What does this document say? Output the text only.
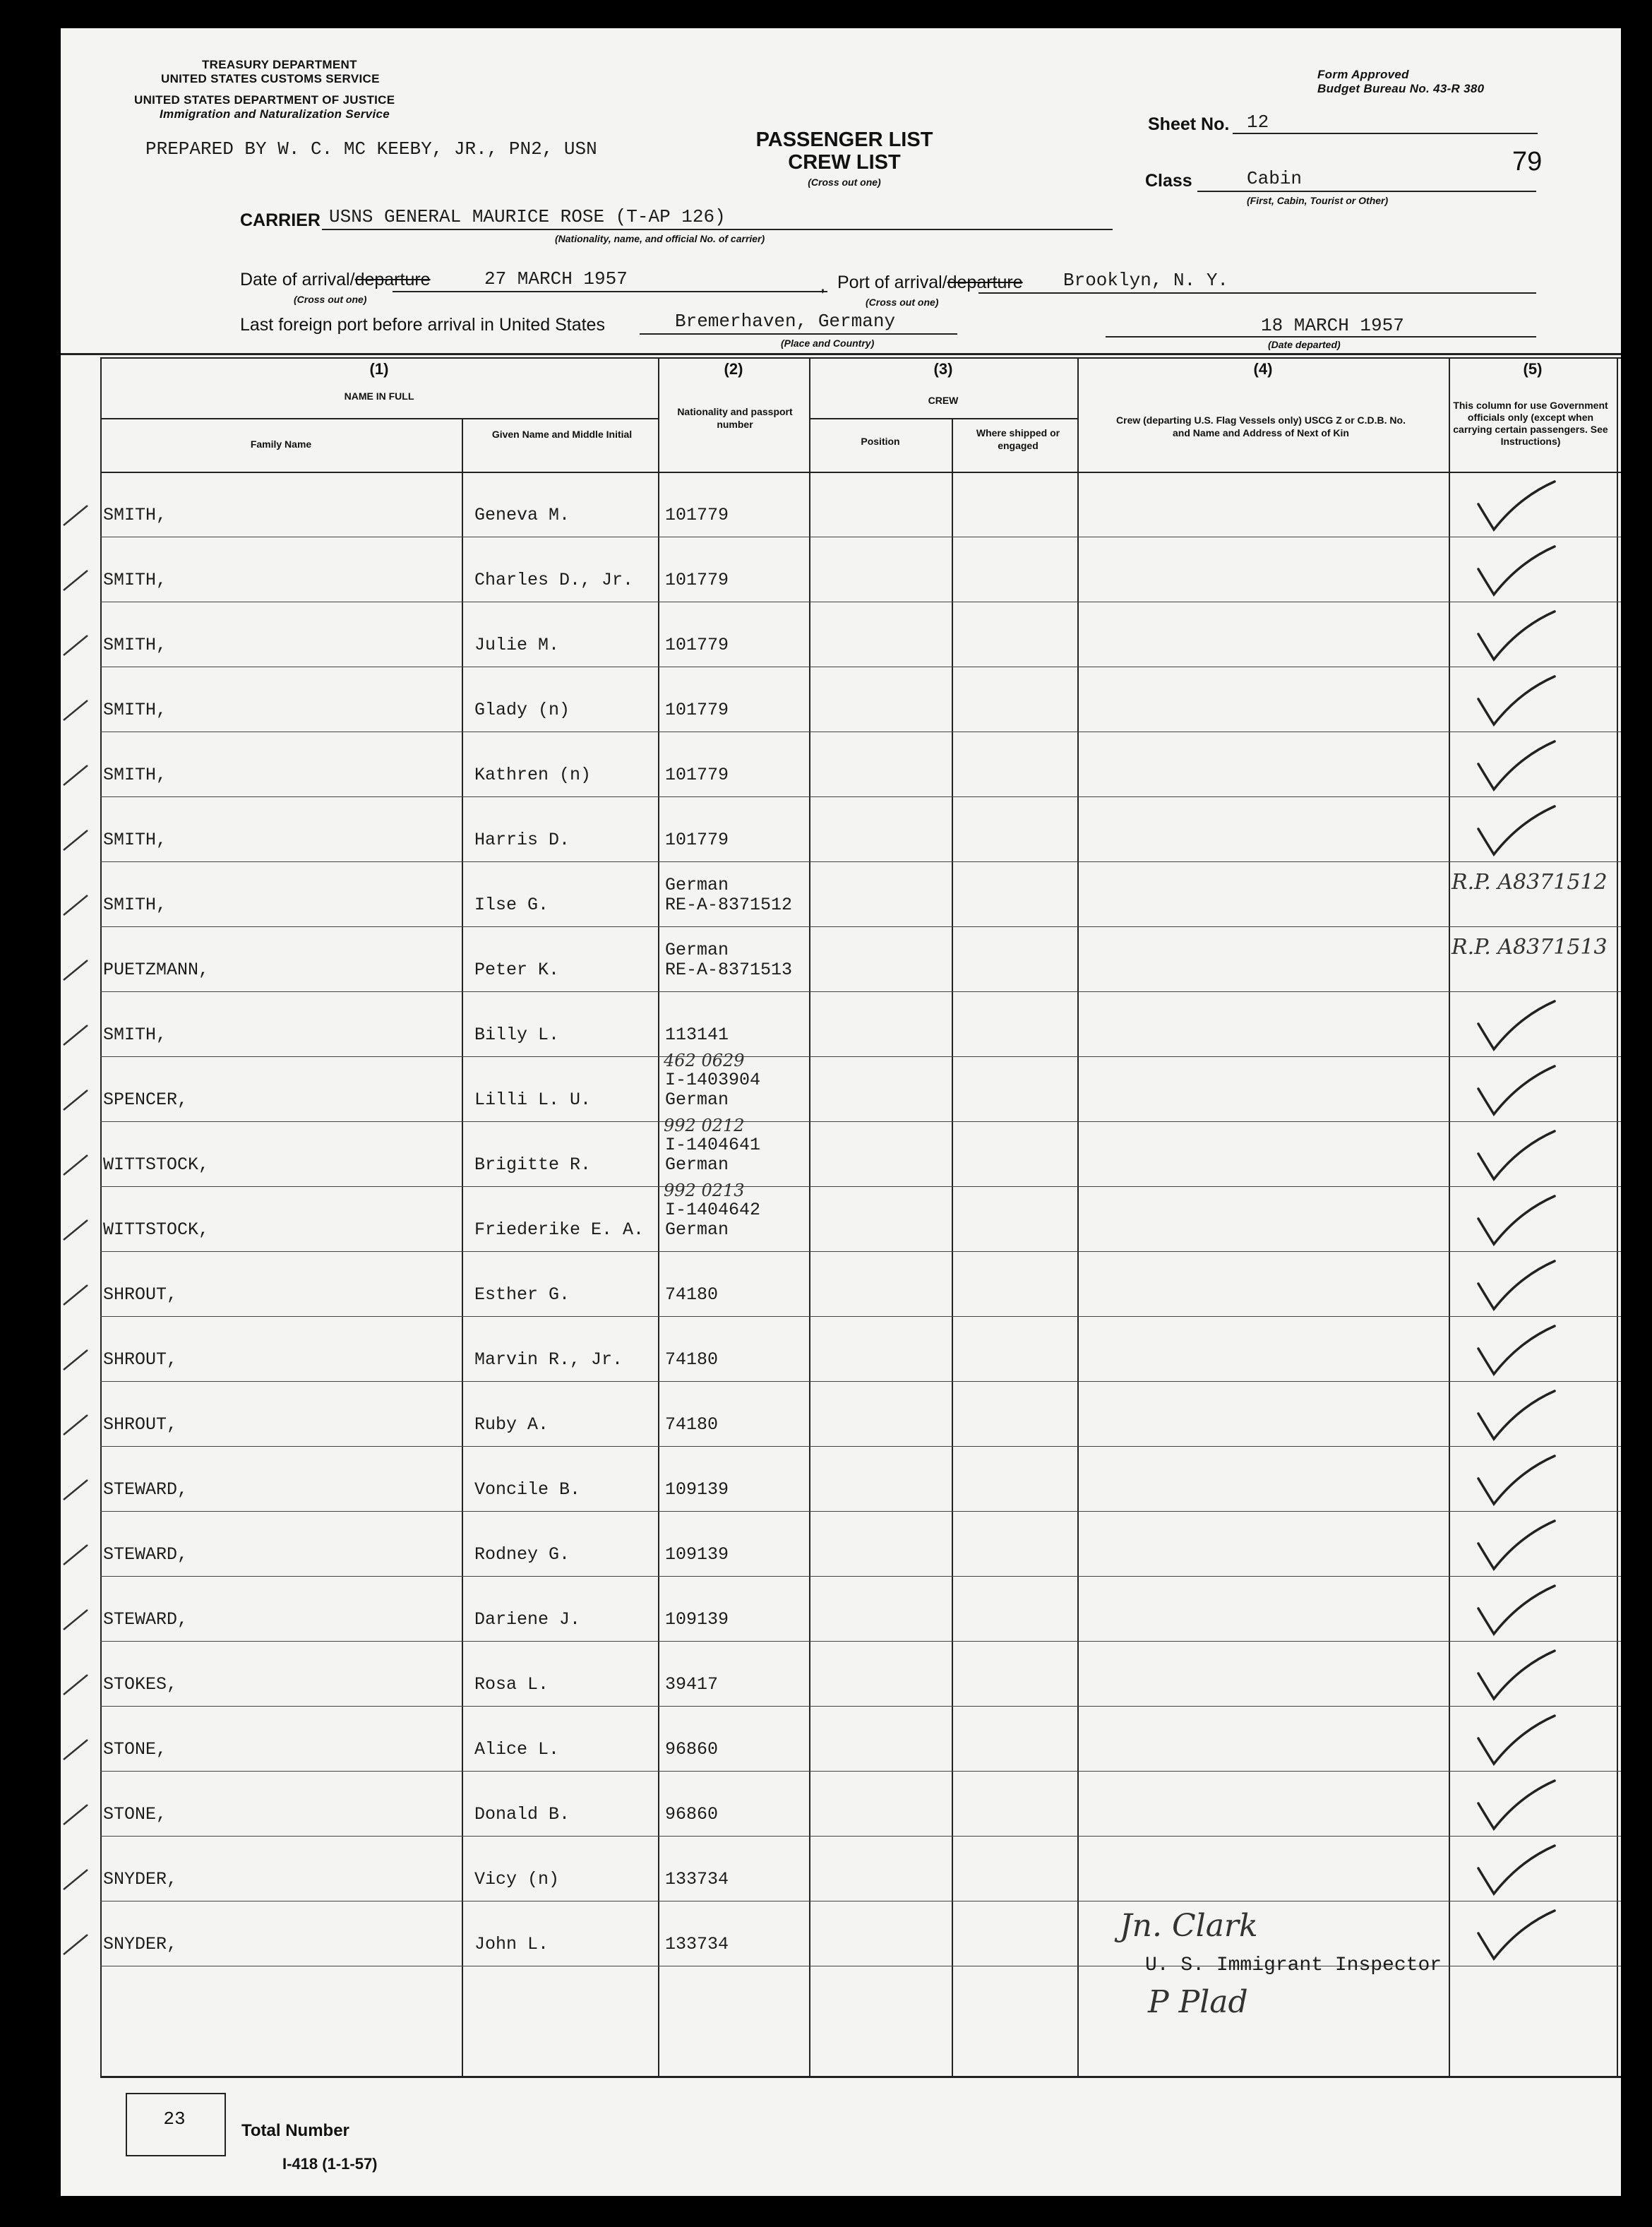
TREASURY DEPARTMENT
UNITED STATES CUSTOMS SERVICE
UNITED STATES DEPARTMENT OF JUSTICE
Immigration and Naturalization Service
Form Approved
Budget Bureau No. 43-R 380
PREPARED BY W. C. MC KEEBY, JR., PN2, USN	PASSENGER LIST
CREW LIST
(Cross out one)
Sheet No. 12
79
Class	Cabin
(First, Cabin, Tourist or Other)
CARRIER USNS GENERAL MAURICE ROSE (T-AP 126)
(Nationality, name, and official No. of carrier)
Date of arrival/departure	27 MARCH 1957
(Cross out one)
, Port of arrival/departure Brooklyn, N. Y.
(Cross out one)
Last foreign port before arrival in United States	Bremerhaven, Germany
(Place and Country)
18 MARCH 1957
(Date departed)
(1)
NAME IN FULL
Family Name
Given Name and Middle Initial
(2)
Nationality and passport number
(3)
CREW
Position
Where shipped or engaged
(4)
Crew (departing U.S. Flag Vessels only) USCG Z or C.D.B. No. and Name and Address of Next of Kin
(5)
This column for use Government officials only (except when carrying certain passengers. See Instructions)
SMITH,	Geneva M.	101779
SMITH,	Charles D., Jr. 101779
SMITH,	Julie M.	101779
SMITH,	Glady (n)	101779
SMITH,	Kathren (n)	101779
SMITH,	Harris D.	101779
SMITH,	Ilse G.
German
RE-A-8371512
R.P. A8371512
PUETZMANN,	Peter K.
German
RE-A-8371513
R.P. A8371513
SMITH,	Billy L.	113141
SPENCER,	Lilli L. U.
462 0629
I-1403904
German
WITTSTOCK,	Brigitte R.
992 0212
I-1404641
German
WITTSTOCK,	Friederike E. A.
992 0213
I-1404642
German
SHROUT,	Esther G.	74180
SHROUT,	Marvin R., Jr. 74180
SHROUT,	Ruby A.	74180
STEWARD,	Voncile B.	109139
STEWARD,	Rodney G.	109139
STEWARD,	Dariene J.	109139
STOKES,	Rosa L.	39417
STONE,	Alice L.	96860
STONE,	Donald B.	96860
SNYDER,	Vicy (n)	133734
SNYDER,	John L.	133734
Jn. Clark
U. S. Immigrant Inspector
P Plad
23
Total Number
I-418 (1-1-57)
